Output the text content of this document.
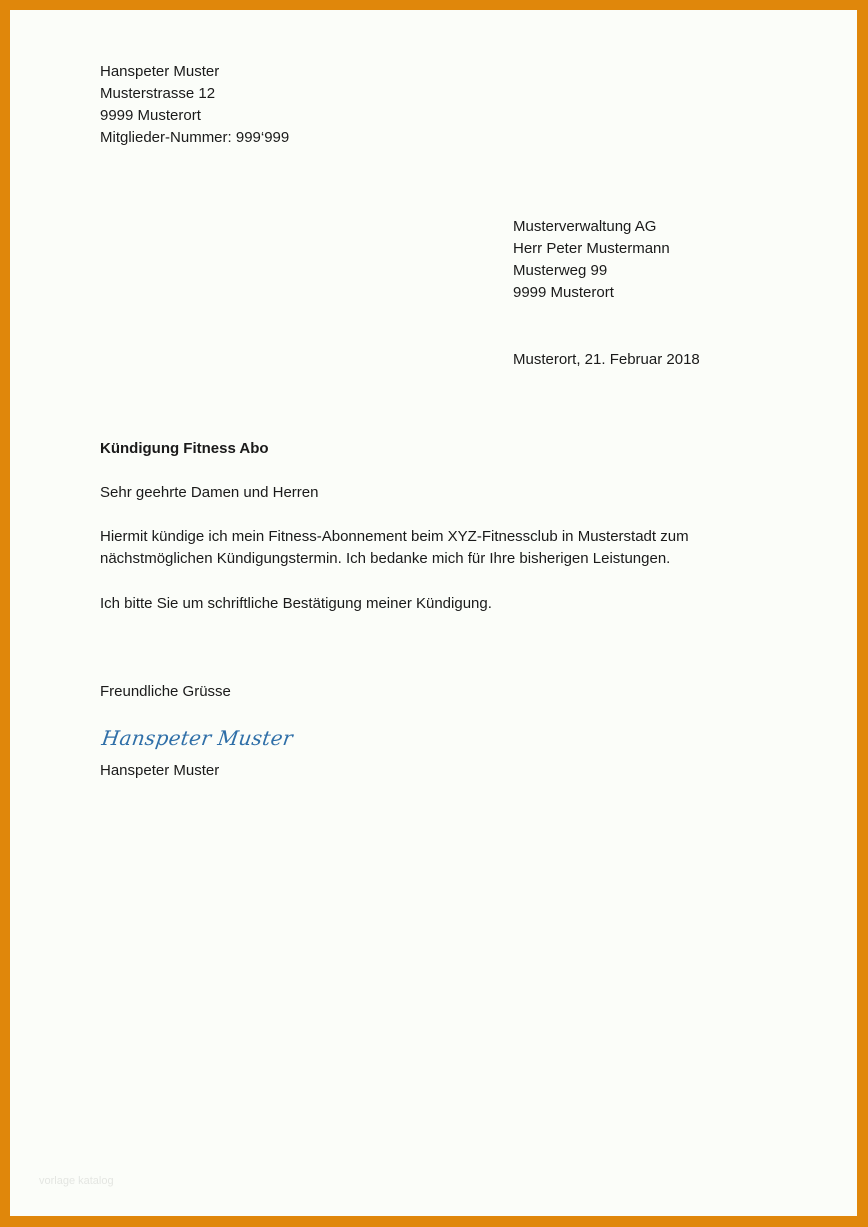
Hanspeter Muster
Musterstrasse 12
9999 Musterort
Mitglieder-Nummer: 999‘999
Musterverwaltung AG
Herr Peter Mustermann
Musterweg 99
9999 Musterort
Musterort, 21. Februar 2018
Kündigung Fitness Abo
Sehr geehrte Damen und Herren
Hiermit kündige ich mein Fitness-Abonnement beim XYZ-Fitnessclub in Musterstadt zum
nächstmöglichen Kündigungstermin. Ich bedanke mich für Ihre bisherigen Leistungen.
Ich bitte Sie um schriftliche Bestätigung meiner Kündigung.
Freundliche Grüsse
Hanspeter Muster
Hanspeter Muster
vorlage katalog
